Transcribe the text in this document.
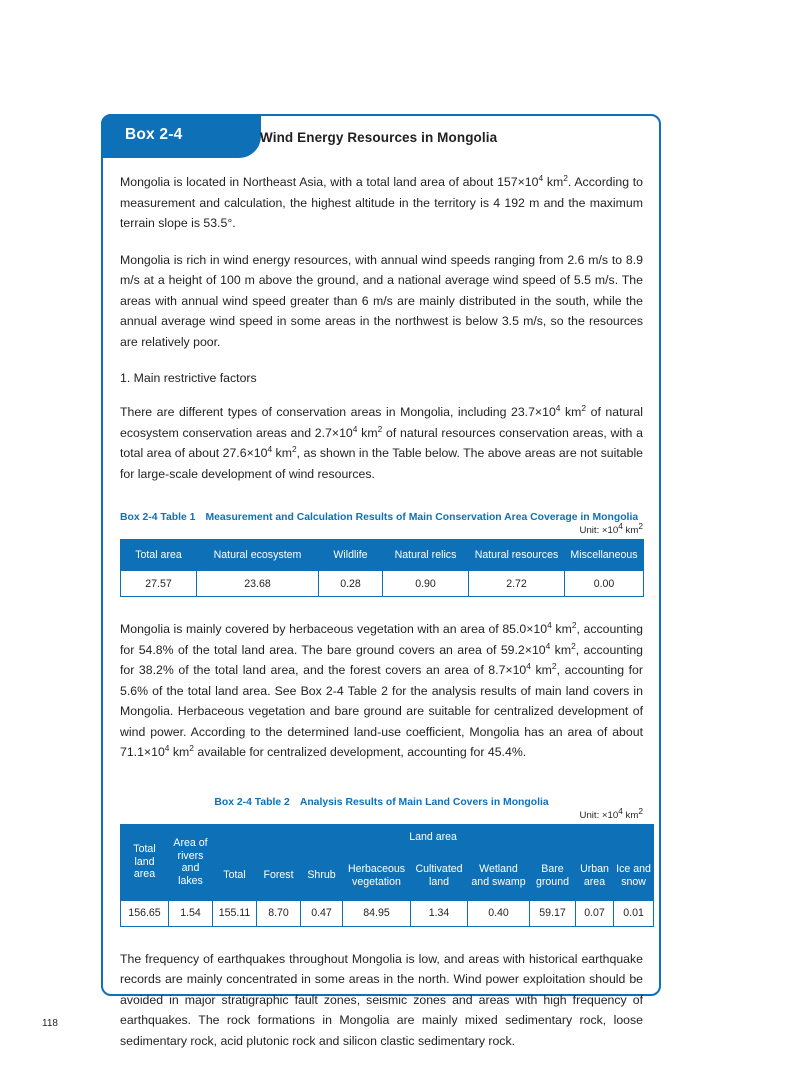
Box 2-4	Wind Energy Resources in Mongolia

Mongolia is located in Northeast Asia, with a total land area of about $157\times 10^4$ $km^2$. According to measurement and calculation, the highest altitude in the territory is 4 192 m and the maximum terrain slope is 53.5°.

Mongolia is rich in wind energy resources, with annual wind speeds ranging from 2.6 m/s to 8.9 m/s at a height of 100 m above the ground, and a national average wind speed of 5.5 m/s. The areas with annual wind speed greater than 6 m/s are mainly distributed in the south, while the annual average wind speed in some areas in the northwest is below 3.5 m/s, so the resources are relatively poor.

1. Main restrictive factors

There are different types of conservation areas in Mongolia, including $23.7\times 10^4$ $km^2$ of natural ecosystem conservation areas and $2.7\times 10^4$ $km^2$ of natural resources conservation areas, with a total area of about $27.6\times 10^4$ $km^2$, as shown in the Table below. The above areas are not suitable for large-scale development of wind resources.

Box 2-4 Table 1 Measurement and Calculation Results of Main Conservation Area Coverage in Mongolia
Unit: $\times 10^4$ $km^2$
Total area	Natural ecosystem	Wildlife	Natural relics	Natural resources	Miscellaneous
27.57	23.68	0.28	0.90	2.72	0.00

Mongolia is mainly covered by herbaceous vegetation with an area of $85.0\times 10^4$ $km^2$, accounting for 54.8% of the total land area. The bare ground covers an area of $59.2\times 10^4$ $km^2$, accounting for 38.2% of the total land area, and the forest covers an area of $8.7\times 10^4$ $km^2$, accounting for 5.6% of the total land area. See Box 2-4 Table 2 for the analysis results of main land covers in Mongolia. Herbaceous vegetation and bare ground are suitable for centralized development of wind power. According to the determined land-use coefficient, Mongolia has an area of about $71.1\times 10^4$ $km^2$ available for centralized development, accounting for 45.4%.

Box 2-4 Table 2 Analysis Results of Main Land Covers in Mongolia
Unit: $\times 10^4$ $km^2$
Total land area	Area of rivers and lakes	Land area								
		Total	Forest	Shrub	Herbaceous vegetation	Cultivated land	Wetland and swamp	Bare ground	Urban area	Ice and snow
156.65	1.54	155.11	8.70	0.47	84.95	1.34	0.40	59.17	0.07	0.01

The frequency of earthquakes throughout Mongolia is low, and areas with historical earthquake records are mainly concentrated in some areas in the north. Wind power exploitation should be avoided in major stratigraphic fault zones, seismic zones and areas with high frequency of earthquakes. The rock formations in Mongolia are mainly mixed sedimentary rock, loose sedimentary rock, acid plutonic rock and silicon clastic sedimentary rock.

118
